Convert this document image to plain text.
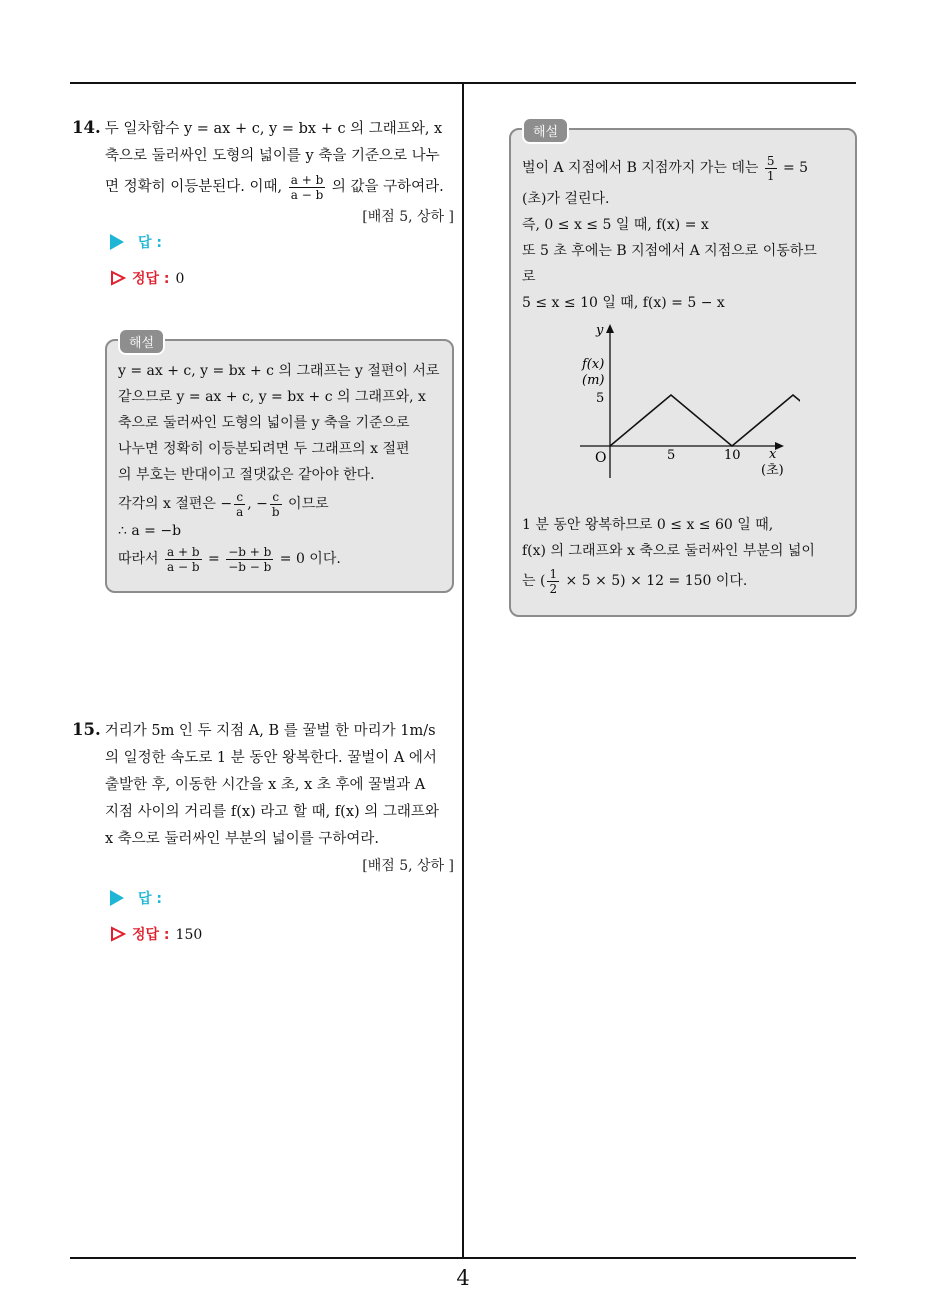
14. 두 일차함수 y = ax + c, y = bx + c 의 그래프와, x
축으로 둘러싸인 도형의 넓이를 y 축을 기준으로 나누
면 정확히 이등분된다. 이때, $\frac{a + b}{a - b}$ 의 값을 구하여라.
[배점 5, 상하 ]
답 :
정답 : 0
해설
y = ax + c, y = bx + c 의 그래프는 y 절편이 서로
같으므로 y = ax + c, y = bx + c 의 그래프와, x
축으로 둘러싸인 도형의 넓이를 y 축을 기준으로
나누면 정확히 이등분되려면 두 그래프의 x 절편
의 부호는 반대이고 절댓값은 같아야 한다.
각각의 x 절편은 − $\frac{c}{a}$ , − $\frac{c}{b}$ 이므로
∴ a = −b
따라서 $\frac{a + b}{a - b} = \frac{-b + b}{-b - b} = 0$ 이다.
15. 거리가 5m 인 두 지점 A, B 를 꿀벌 한 마리가 1m/s
의 일정한 속도로 1 분 동안 왕복한다. 꿀벌이 A 에서
출발한 후, 이동한 시간을 x 초, x 초 후에 꿀벌과 A
지점 사이의 거리를 f(x) 라고 할 때, f(x) 의 그래프와
x 축으로 둘러싸인 부분의 넓이를 구하여라.
[배점 5, 상하 ]
답 :
정답 : 150
해설
벌이 A 지점에서 B 지점까지 가는 데는 $\frac{5}{1} = 5$
(초)가 걸린다.
즉, 0 ≤ x ≤ 5 일 때, f(x) = x
또 5 초 후에는 B 지점에서 A 지점으로 이동하므
로
5 ≤ x ≤ 10 일 때, f(x) = 5 − x
y
f(x)
(m)
5
O	5	10 x
(초)
1 분 동안 왕복하므로 0 ≤ x ≤ 60 일 때,
f(x) 의 그래프와 x 축으로 둘러싸인 부분의 넓이
는 ( $\frac{1}{2} \times 5 \times 5) \times 12 = 150$ 이다.
4
